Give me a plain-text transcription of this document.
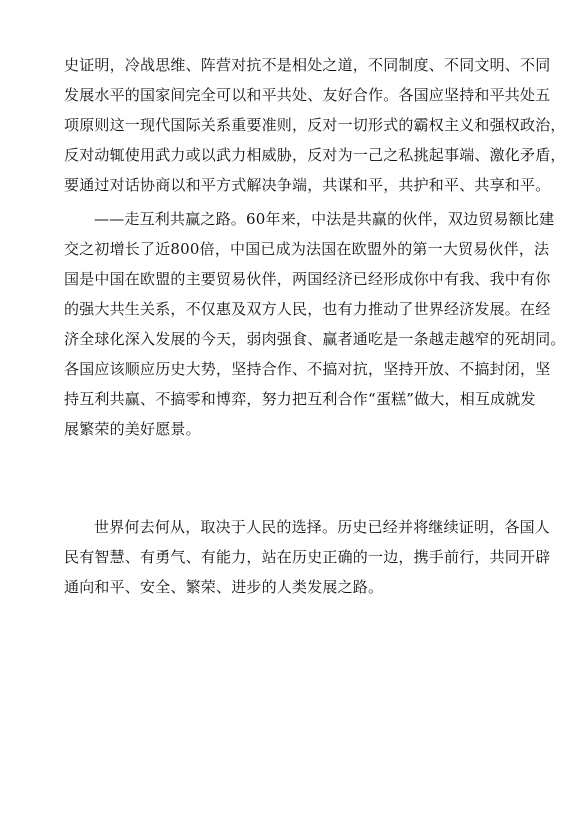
史证明，冷战思维、阵营对抗不是相处之道，不同制度、不同文明、不同
发展水平的国家间完全可以和平共处、友好合作。各国应坚持和平共处五
项原则这一现代国际关系重要准则，反对一切形式的霸权主义和强权政治，
反对动辄使用武力或以武力相威胁，反对为一己之私挑起事端、激化矛盾，
要通过对话协商以和平方式解决争端，共谋和平，共护和平、共享和平。
——走互利共赢之路。60年来，中法是共赢的伙伴，双边贸易额比建
交之初增长了近800倍，中国已成为法国在欧盟外的第一大贸易伙伴，法
国是中国在欧盟的主要贸易伙伴，两国经济已经形成你中有我、我中有你
的强大共生关系，不仅惠及双方人民，也有力推动了世界经济发展。在经
济全球化深入发展的今天，弱肉强食、赢者通吃是一条越走越窄的死胡同。
各国应该顺应历史大势，坚持合作、不搞对抗，坚持开放、不搞封闭，坚
持互利共赢、不搞零和博弈，努力把互利合作“蛋糕”做大，相互成就发
展繁荣的美好愿景。
世界何去何从，取决于人民的选择。历史已经并将继续证明，各国人
民有智慧、有勇气、有能力，站在历史正确的一边，携手前行，共同开辟
通向和平、安全、繁荣、进步的人类发展之路。
